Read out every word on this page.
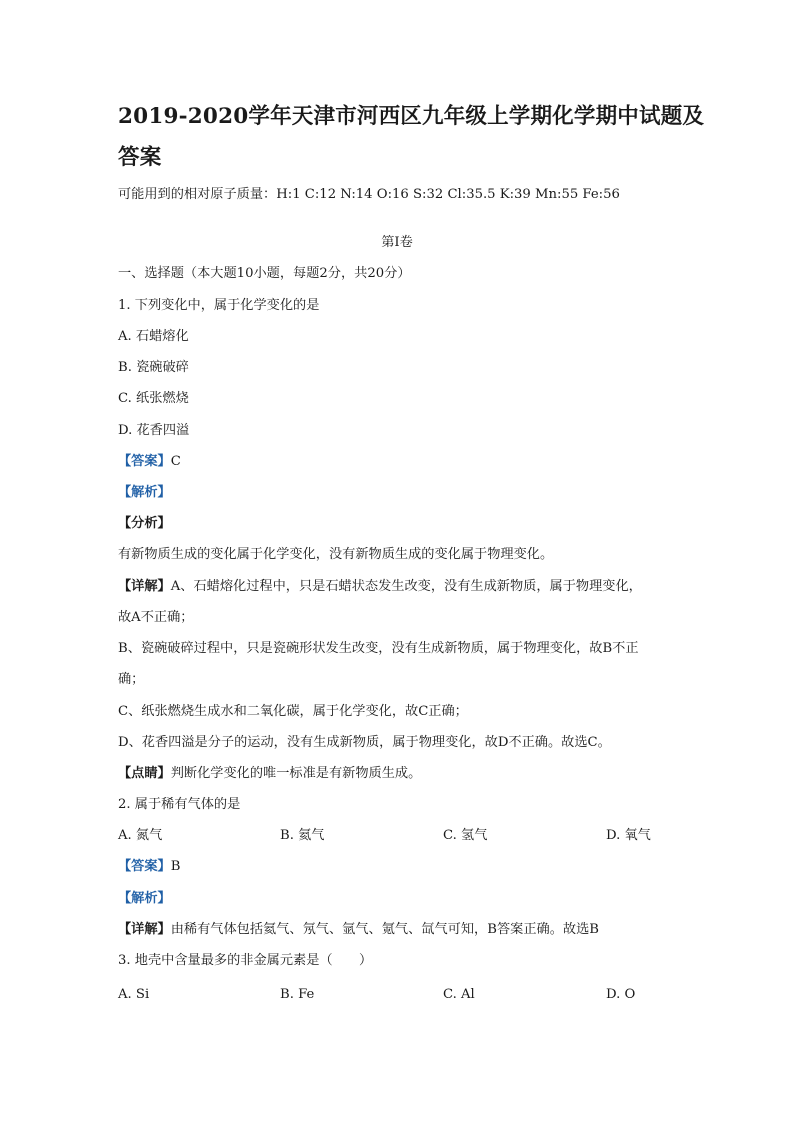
2019-2020学年天津市河西区九年级上学期化学期中试题及
答案
可能用到的相对原子质量：H:1 C:12 N:14 O:16 S:32 Cl:35.5 K:39 Mn:55 Fe:56
第Ⅰ卷
一、选择题（本大题10小题，每题2分，共20分）
1. 下列变化中，属于化学变化的是
A. 石蜡熔化
B. 瓷碗破碎
C. 纸张燃烧
D. 花香四溢
【答案】C
【解析】
【分析】
有新物质生成的变化属于化学变化，没有新物质生成的变化属于物理变化。
【详解】A、石蜡熔化过程中，只是石蜡状态发生改变，没有生成新物质，属于物理变化，
故A不正确；
B、瓷碗破碎过程中，只是瓷碗形状发生改变，没有生成新物质，属于物理变化，故B不正
确；
C、纸张燃烧生成水和二氧化碳，属于化学变化，故C正确；
D、花香四溢是分子的运动，没有生成新物质，属于物理变化，故D不正确。故选C。
【点睛】判断化学变化的唯一标准是有新物质生成。
2. 属于稀有气体的是
A. 氮气	B. 氦气	C. 氢气	D. 氧气
【答案】B
【解析】
【详解】由稀有气体包括氦气、氖气、氩气、氪气、氙气可知，B答案正确。故选B
3. 地壳中含量最多的非金属元素是（　　）
A. Si	B. Fe	C. Al	D. O
